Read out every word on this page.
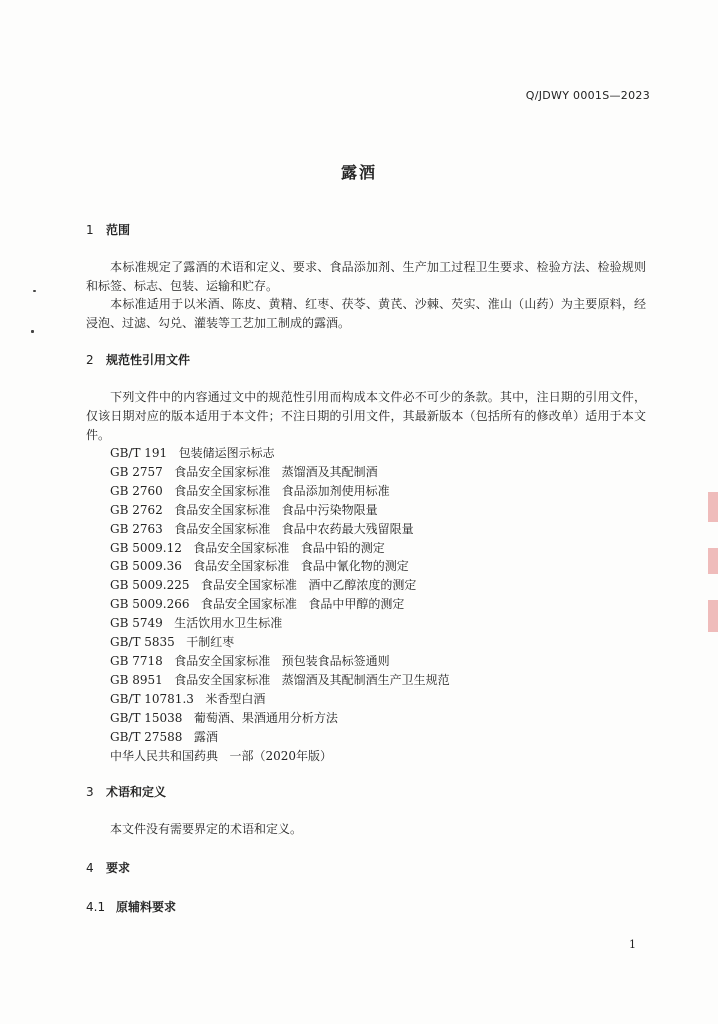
Q/JDWY 0001S—2023
露酒
1 范围
本标准规定了露酒的术语和定义、要求、食品添加剂、生产加工过程卫生要求、检验方法、检验规则和标签、标志、包装、运输和贮存。
本标准适用于以米酒、陈皮、黄精、红枣、茯苓、黄芪、沙棘、芡实、淮山（山药）为主要原料，经浸泡、过滤、勾兑、灌装等工艺加工制成的露酒。
2 规范性引用文件
下列文件中的内容通过文中的规范性引用而构成本文件必不可少的条款。其中，注日期的引用文件，仅该日期对应的版本适用于本文件；不注日期的引用文件，其最新版本（包括所有的修改单）适用于本文件。
GB/T 191   包装储运图示标志
GB 2757   食品安全国家标准   蒸馏酒及其配制酒
GB 2760   食品安全国家标准   食品添加剂使用标准
GB 2762   食品安全国家标准   食品中污染物限量
GB 2763   食品安全国家标准   食品中农药最大残留限量
GB 5009.12   食品安全国家标准   食品中铅的测定
GB 5009.36   食品安全国家标准   食品中氰化物的测定
GB 5009.225   食品安全国家标准   酒中乙醇浓度的测定
GB 5009.266   食品安全国家标准   食品中甲醇的测定
GB 5749   生活饮用水卫生标准
GB/T 5835   干制红枣
GB 7718   食品安全国家标准   预包装食品标签通则
GB 8951   食品安全国家标准   蒸馏酒及其配制酒生产卫生规范
GB/T 10781.3   米香型白酒
GB/T 15038   葡萄酒、果酒通用分析方法
GB/T 27588   露酒
中华人民共和国药典   一部（2020年版）
3 术语和定义
本文件没有需要界定的术语和定义。
4 要求
4.1 原辅料要求
1
